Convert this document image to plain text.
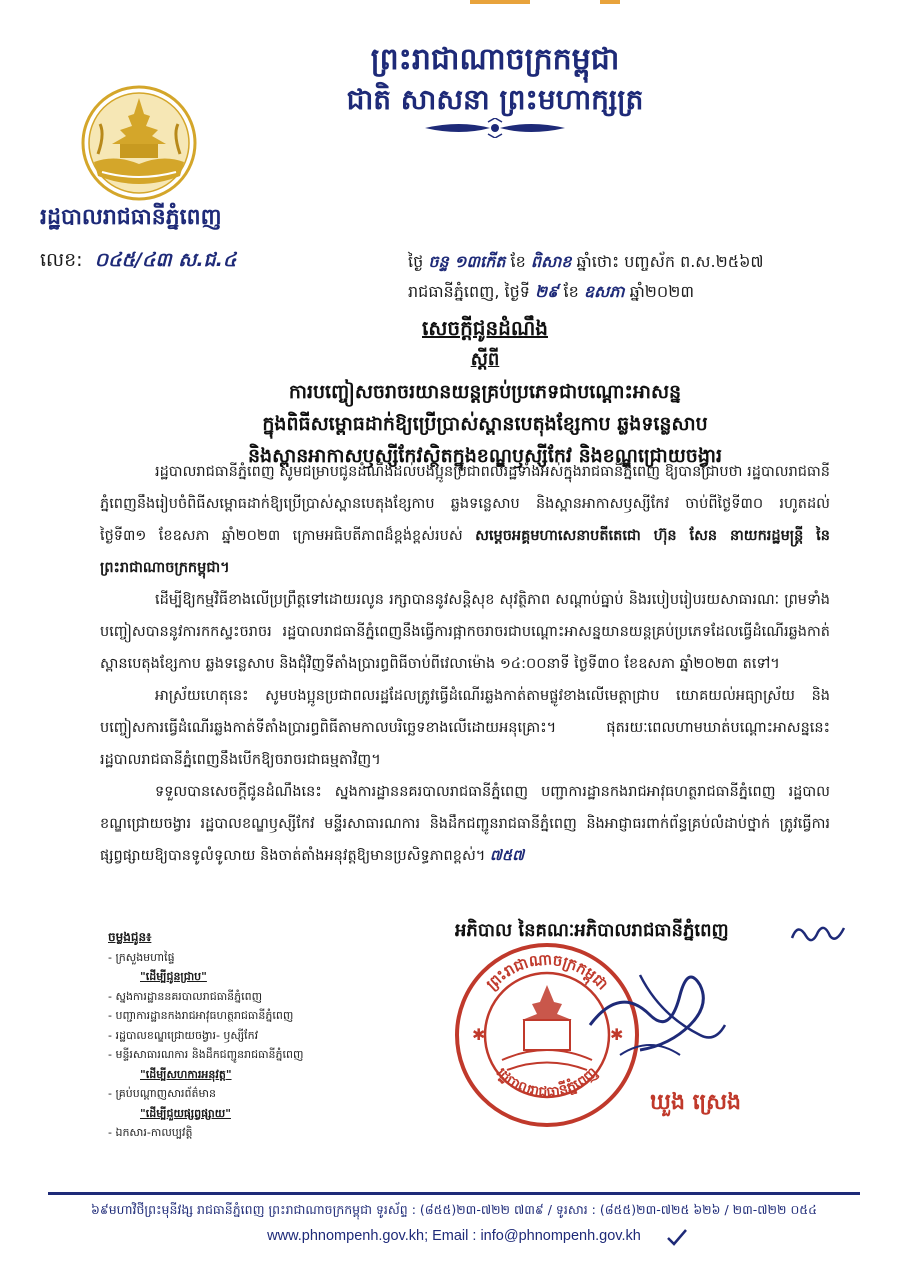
ព្រះរាជាណាចក្រកម្ពុជា
ជាតិ សាសនា ព្រះមហាក្សត្រ
រដ្ឋបាលរាជធានីភ្នំពេញ
លេខ: ០៤៥/៤៣ ស.ជ.៤	ថ្ងៃ ចន្ទ ១៣កើត ខែ ពិសាខ ឆ្នាំថោះ បញ្ចស័ក ព.ស.២៥៦៧
រាជធានីភ្នំពេញ, ថ្ងៃទី ២៩ ខែ ឧសភា ឆ្នាំ២០២៣
សេចក្ដីជូនដំណឹង
ស្ដីពី
ការបញ្ចៀសចរាចរយានយន្តគ្រប់ប្រភេទជាបណ្ដោះអាសន្ន
ក្នុងពិធីសម្ពោធដាក់ឱ្យប្រើប្រាស់ស្ពានបេតុងខ្សែកាប ឆ្លងទន្លេសាប
និងស្ពានអាកាសឫស្សីកែវស្ថិតក្នុងខណ្ឌឫស្សីកែវ និងខណ្ឌជ្រោយចង្វារ

រដ្ឋបាលរាជធានីភ្នំពេញ សូមជម្រាបជូនដំណឹងដល់បងប្អូនប្រជាពលរដ្ឋទាំងអស់ក្នុងរាជធានីភ្នំពេញ ឱ្យបានជ្រាបថា រដ្ឋបាលរាជធានីភ្នំពេញនឹងរៀបចំពិធីសម្ពោធដាក់ឱ្យប្រើប្រាស់ស្ពានបេតុងខ្សែកាប ឆ្លងទន្លេសាប និងស្ពានអាកាសឫស្សីកែវ ចាប់ពីថ្ងៃទី៣០ រហូតដល់ថ្ងៃទី៣១ ខែឧសភា ឆ្នាំ២០២៣ ក្រោមអធិបតីភាពដ៏ខ្ពង់ខ្ពស់របស់ សម្ដេចអគ្គមហាសេនាបតីតេជោ ហ៊ុន សែន នាយករដ្ឋមន្ត្រី នៃព្រះរាជាណាចក្រកម្ពុជា។

ដើម្បីឱ្យកម្មវិធីខាងលើប្រព្រឹត្តទៅដោយរលូន រក្សាបាននូវសន្តិសុខ សុវត្ថិភាព សណ្ដាប់ធ្នាប់ និងរបៀបរៀបរយសាធារណៈ ព្រមទាំងបញ្ចៀសបាននូវការកកស្ទះចរាចរ រដ្ឋបាលរាជធានីភ្នំពេញនឹងធ្វើការផ្អាកចរាចរជាបណ្ដោះអាសន្នយានយន្តគ្រប់ប្រភេទដែលធ្វើដំណើរឆ្លងកាត់ស្ពានបេតុងខ្សែកាប ឆ្លងទន្លេសាប និងជុំវិញទីតាំងប្រារព្ធពិធីចាប់ពីវេលាម៉ោង ១៤:០០នាទី ថ្ងៃទី៣០ ខែឧសភា ឆ្នាំ២០២៣ តទៅ។

អាស្រ័យហេតុនេះ សូមបងប្អូនប្រជាពលរដ្ឋដែលត្រូវធ្វើដំណើរឆ្លងកាត់តាមផ្លូវខាងលើមេត្តាជ្រាប យោគយល់អធ្យាស្រ័យ និងបញ្ចៀសការធ្វើដំណើរឆ្លងកាត់ទីតាំងប្រារព្ធពិធីតាមកាលបរិច្ឆេទខាងលើដោយអនុគ្រោះ។ ផុតរយៈពេលហាមឃាត់បណ្ដោះអាសន្ននេះ រដ្ឋបាលរាជធានីភ្នំពេញនឹងបើកឱ្យចរាចរជាធម្មតាវិញ។

ទទួលបានសេចក្ដីជូនដំណឹងនេះ ស្នងការដ្ឋាននគរបាលរាជធានីភ្នំពេញ បញ្ជាការដ្ឋានកងរាជអាវុធហត្ថរាជធានីភ្នំពេញ រដ្ឋបាលខណ្ឌជ្រោយចង្វារ រដ្ឋបាលខណ្ឌឫស្សីកែវ មន្ទីរសាធារណការ និងដឹកជញ្ជូនរាជធានីភ្នំពេញ និងអាជ្ញាធរពាក់ព័ន្ធគ្រប់លំដាប់ថ្នាក់ ត្រូវធ្វើការផ្សព្វផ្សាយឱ្យបានទូលំទូលាយ និងចាត់តាំងអនុវត្តឱ្យមានប្រសិទ្ធភាពខ្ពស់។ ៧៥៧

អភិបាល នៃគណៈអភិបាលរាជធានីភ្នំពេញ
ចម្លងជូន៖
- ក្រសួងមហាផ្ទៃ
"ដើម្បីជូនជ្រាប"
- ស្នងការដ្ឋាននគរបាលរាជធានីភ្នំពេញ
- បញ្ជាការដ្ឋានកងរាជអាវុធហត្ថរាជធានីភ្នំពេញ
- រដ្ឋបាលខណ្ឌជ្រោយចង្វារ- ឫស្សីកែវ
- មន្ទីរសាធារណការ និងដឹកជញ្ជូនរាជធានីភ្នំពេញ
"ដើម្បីសហការអនុវត្ត"
- គ្រប់បណ្ដាញសារព័ត៌មាន
"ដើម្បីជួយផ្សព្វផ្សាយ"
- ឯកសារ-កាលប្បវត្តិ
✱	✱
ព្រះរាជាណាចក្រកម្ពុជា
រដ្ឋបាលរាជធានីភ្នំពេញ
ឃួង ស្រេង
៦៩មហាវិថីព្រះមុនីវង្ស រាជធានីភ្នំពេញ ព្រះរាជាណាចក្រកម្ពុជា ទូរស័ព្ទ : (៨៥៥)២៣-៧២២ ៧៣៩ / ទូរសារ : (៨៥៥)២៣-៧២៥ ៦២៦ / ២៣-៧២២ ០៥៤
www.phnompenh.gov.kh; Email : info@phnompenh.gov.kh
